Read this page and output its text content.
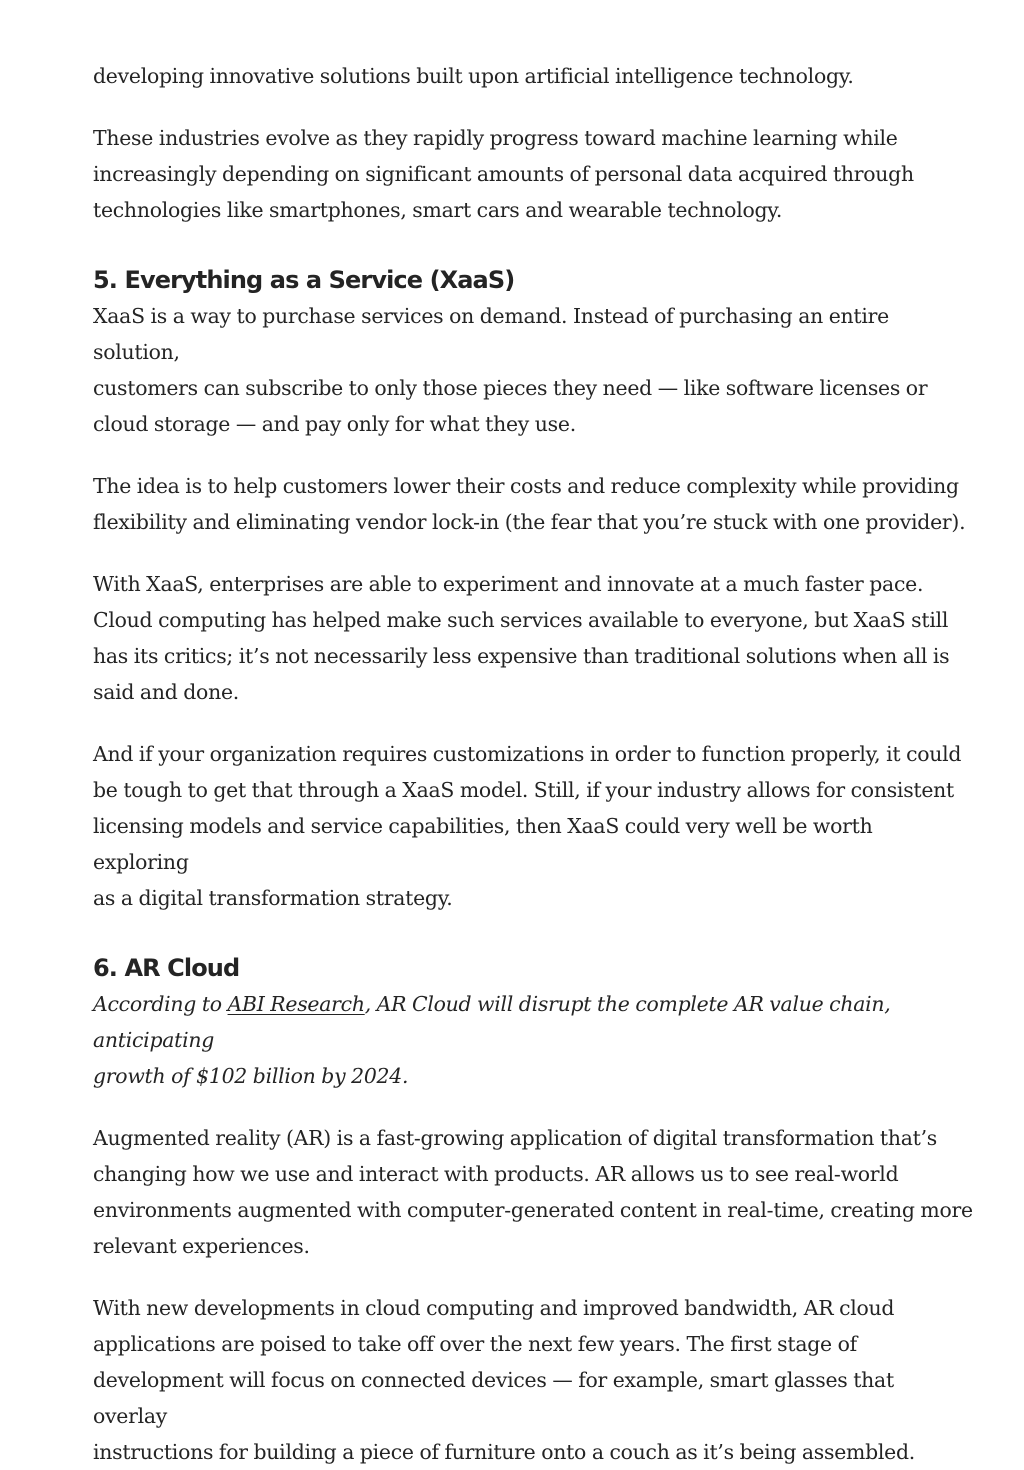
developing innovative solutions built upon artificial intelligence technology.

These industries evolve as they rapidly progress toward machine learning while
increasingly depending on significant amounts of personal data acquired through
technologies like smartphones, smart cars and wearable technology.

5. Everything as a Service (XaaS)

XaaS is a way to purchase services on demand. Instead of purchasing an entire solution,
customers can subscribe to only those pieces they need — like software licenses or
cloud storage — and pay only for what they use.

The idea is to help customers lower their costs and reduce complexity while providing
flexibility and eliminating vendor lock-in (the fear that you’re stuck with one provider).

With XaaS, enterprises are able to experiment and innovate at a much faster pace.
Cloud computing has helped make such services available to everyone, but XaaS still
has its critics; it’s not necessarily less expensive than traditional solutions when all is
said and done.

And if your organization requires customizations in order to function properly, it could
be tough to get that through a XaaS model. Still, if your industry allows for consistent
licensing models and service capabilities, then XaaS could very well be worth exploring
as a digital transformation strategy.

6. AR Cloud

According to ABI Research, AR Cloud will disrupt the complete AR value chain, anticipating
growth of $102 billion by 2024.

Augmented reality (AR) is a fast-growing application of digital transformation that’s
changing how we use and interact with products. AR allows us to see real-world
environments augmented with computer-generated content in real-time, creating more
relevant experiences.

With new developments in cloud computing and improved bandwidth, AR cloud
applications are poised to take off over the next few years. The first stage of
development will focus on connected devices — for example, smart glasses that overlay
instructions for building a piece of furniture onto a couch as it’s being assembled.
